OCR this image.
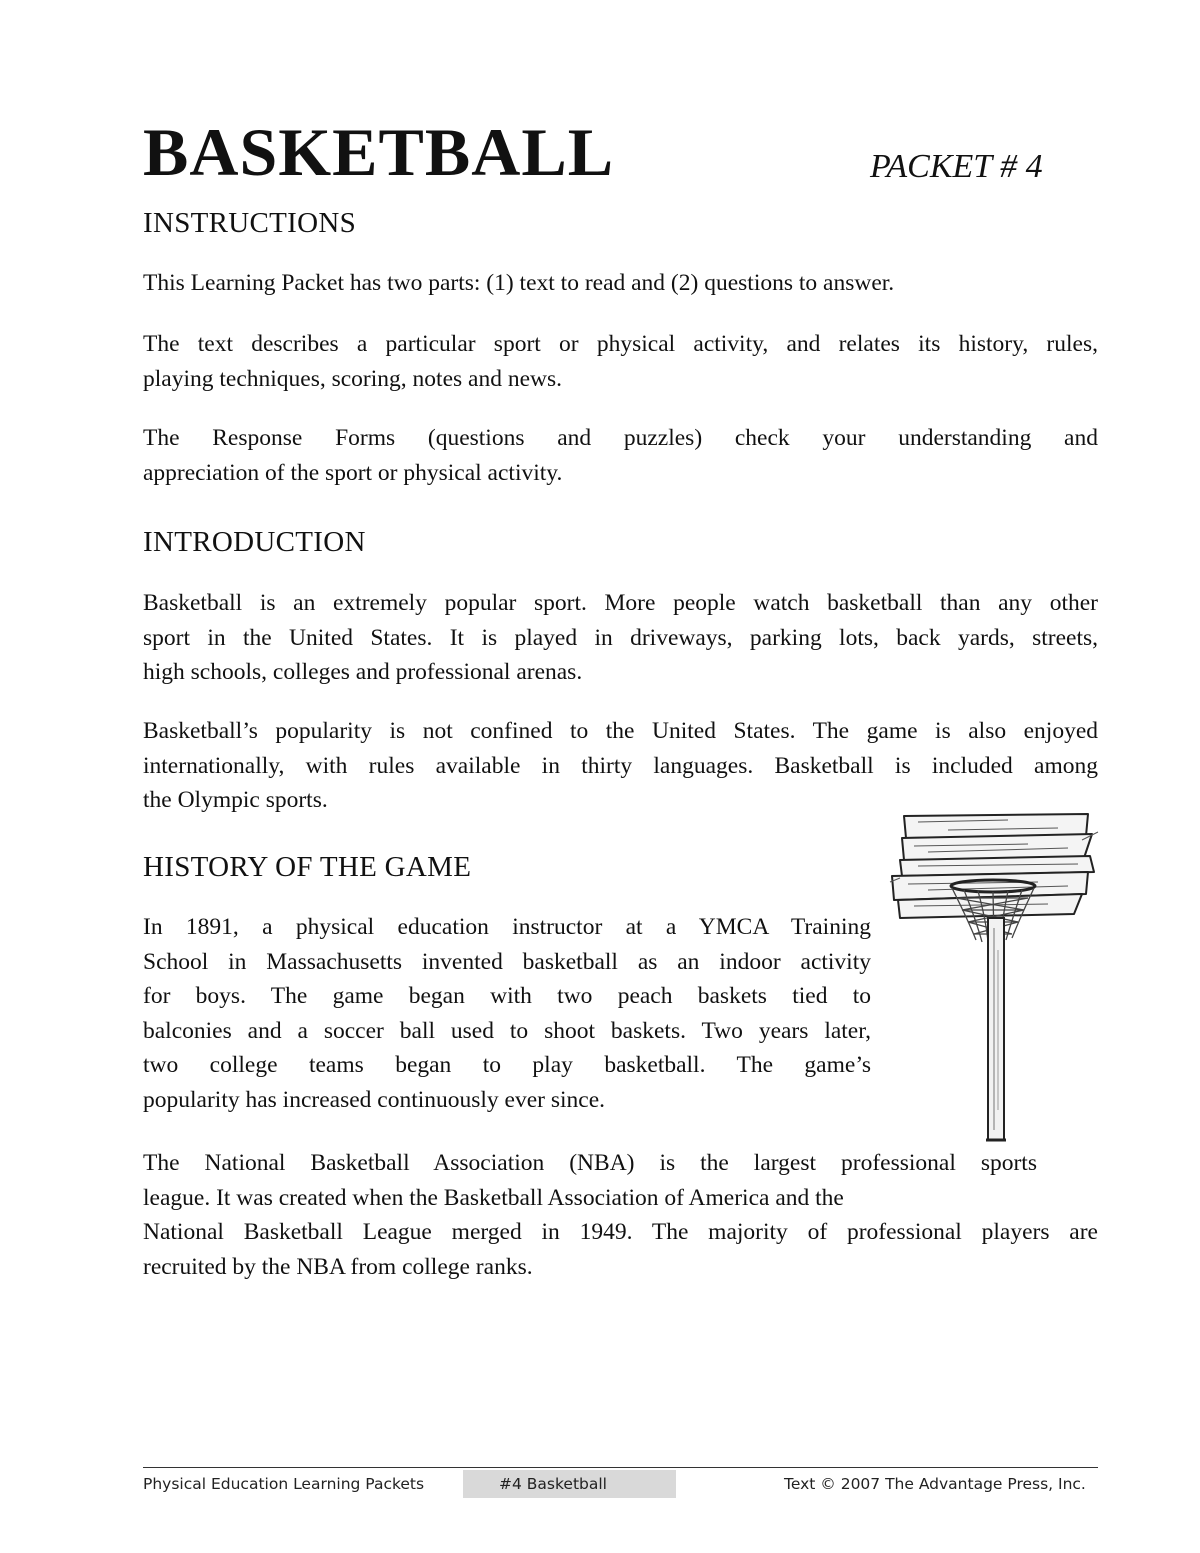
BASKETBALL	PACKET # 4
INSTRUCTIONS

This Learning Packet has two parts: (1) text to read and (2) questions to answer.

The text describes a particular sport or physical activity, and relates its history, rules,
playing techniques, scoring, notes and news.

The Response Forms (questions and puzzles) check your understanding and
appreciation of the sport or physical activity.

INTRODUCTION

Basketball is an extremely popular sport. More people watch basketball than any other
sport in the United States. It is played in driveways, parking lots, back yards, streets,
high schools, colleges and professional arenas.

Basketball’s popularity is not confined to the United States. The game is also enjoyed
internationally, with rules available in thirty languages. Basketball is included among
the Olympic sports.

HISTORY OF THE GAME

In 1891, a physical education instructor at a YMCA Training
School in Massachusetts invented basketball as an indoor activity
for boys. The game began with two peach baskets tied to
balconies and a soccer ball used to shoot baskets. Two years later,
two college teams began to play basketball. The game’s
popularity has increased continuously ever since.

The National Basketball Association (NBA) is the largest professional sports
league. It was created when the Basketball Association of America and the
National Basketball League merged in 1949. The majority of professional players are
recruited by the NBA from college ranks.

Physical Education Learning Packets	#4 Basketball	Text © 2007 The Advantage Press, Inc.
